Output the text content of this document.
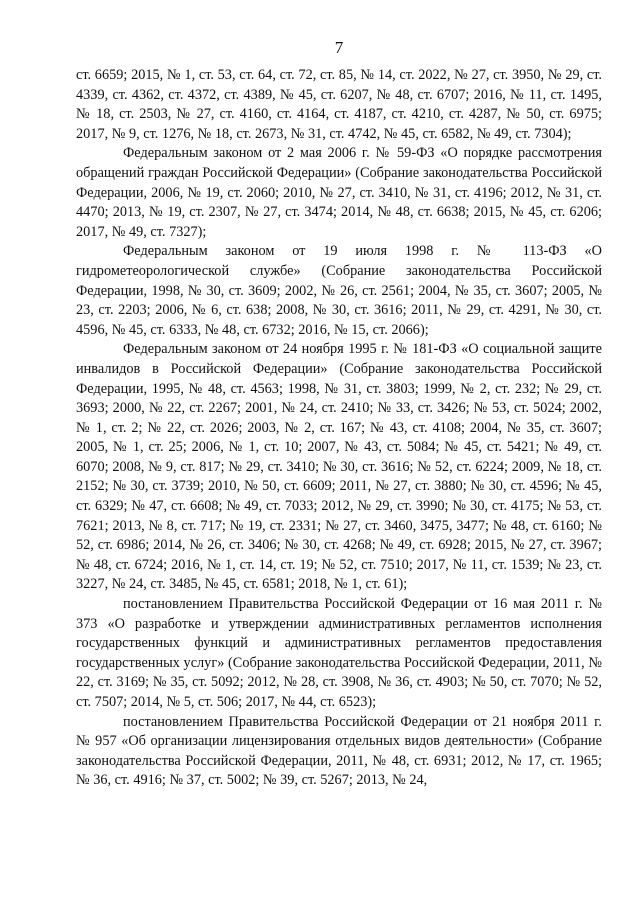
7

ст. 6659; 2015, № 1, ст. 53, ст. 64, ст. 72, ст. 85, № 14, ст. 2022, № 27, ст. 3950, № 29, ст. 4339, ст. 4362, ст. 4372, ст. 4389, № 45, ст. 6207, № 48, ст. 6707; 2016, № 11, ст. 1495, № 18, ст. 2503, № 27, ст. 4160, ст. 4164, ст. 4187, ст. 4210, ст. 4287, № 50, ст. 6975; 2017, № 9, ст. 1276, № 18, ст. 2673, № 31, ст. 4742, № 45, ст. 6582, № 49, ст. 7304);

Федеральным законом от 2 мая 2006 г. № 59-ФЗ «О порядке рассмотрения обращений граждан Российской Федерации» (Собрание законодательства Российской Федерации, 2006, № 19, ст. 2060; 2010, № 27, ст. 3410, № 31, ст. 4196; 2012, № 31, ст. 4470; 2013, № 19, ст. 2307, № 27, ст. 3474; 2014, № 48, ст. 6638; 2015, № 45, ст. 6206; 2017, № 49, ст. 7327);

Федеральным законом от 19 июля 1998 г. № 113-ФЗ «О гидрометеорологической службе» (Собрание законодательства Российской Федерации, 1998, № 30, ст. 3609; 2002, № 26, ст. 2561; 2004, № 35, ст. 3607; 2005, № 23, ст. 2203; 2006, № 6, ст. 638; 2008, № 30, ст. 3616; 2011, № 29, ст. 4291, № 30, ст. 4596, № 45, ст. 6333, № 48, ст. 6732; 2016, № 15, ст. 2066);

Федеральным законом от 24 ноября 1995 г. № 181-ФЗ «О социальной защите инвалидов в Российской Федерации» (Собрание законодательства Российской Федерации, 1995, № 48, ст. 4563; 1998, № 31, ст. 3803; 1999, № 2, ст. 232; № 29, ст. 3693; 2000, № 22, ст. 2267; 2001, № 24, ст. 2410; № 33, ст. 3426; № 53, ст. 5024; 2002, № 1, ст. 2; № 22, ст. 2026; 2003, № 2, ст. 167; № 43, ст. 4108; 2004, № 35, ст. 3607; 2005, № 1, ст. 25; 2006, № 1, ст. 10; 2007, № 43, ст. 5084; № 45, ст. 5421; № 49, ст. 6070; 2008, № 9, ст. 817; № 29, ст. 3410; № 30, ст. 3616; № 52, ст. 6224; 2009, № 18, ст. 2152; № 30, ст. 3739; 2010, № 50, ст. 6609; 2011, № 27, ст. 3880; № 30, ст. 4596; № 45, ст. 6329; № 47, ст. 6608; № 49, ст. 7033; 2012, № 29, ст. 3990; № 30, ст. 4175; № 53, ст. 7621; 2013, № 8, ст. 717; № 19, ст. 2331; № 27, ст. 3460, 3475, 3477; № 48, ст. 6160; № 52, ст. 6986; 2014, № 26, ст. 3406; № 30, ст. 4268; № 49, ст. 6928; 2015, № 27, ст. 3967; № 48, ст. 6724; 2016, № 1, ст. 14, ст. 19; № 52, ст. 7510; 2017, № 11, ст. 1539; № 23, ст. 3227, № 24, ст. 3485, № 45, ст. 6581; 2018, № 1, ст. 61);

постановлением Правительства Российской Федерации от 16 мая 2011 г. № 373 «О разработке и утверждении административных регламентов исполнения государственных функций и административных регламентов предоставления государственных услуг» (Собрание законодательства Российской Федерации, 2011, № 22, ст. 3169; № 35, ст. 5092; 2012, № 28, ст. 3908, № 36, ст. 4903; № 50, ст. 7070; № 52, ст. 7507; 2014, № 5, ст. 506; 2017, № 44, ст. 6523);

постановлением Правительства Российской Федерации от 21 ноября 2011 г. № 957 «Об организации лицензирования отдельных видов деятельности» (Собрание законодательства Российской Федерации, 2011, № 48, ст. 6931; 2012, № 17, ст. 1965; № 36, ст. 4916; № 37, ст. 5002; № 39, ст. 5267; 2013, № 24,
